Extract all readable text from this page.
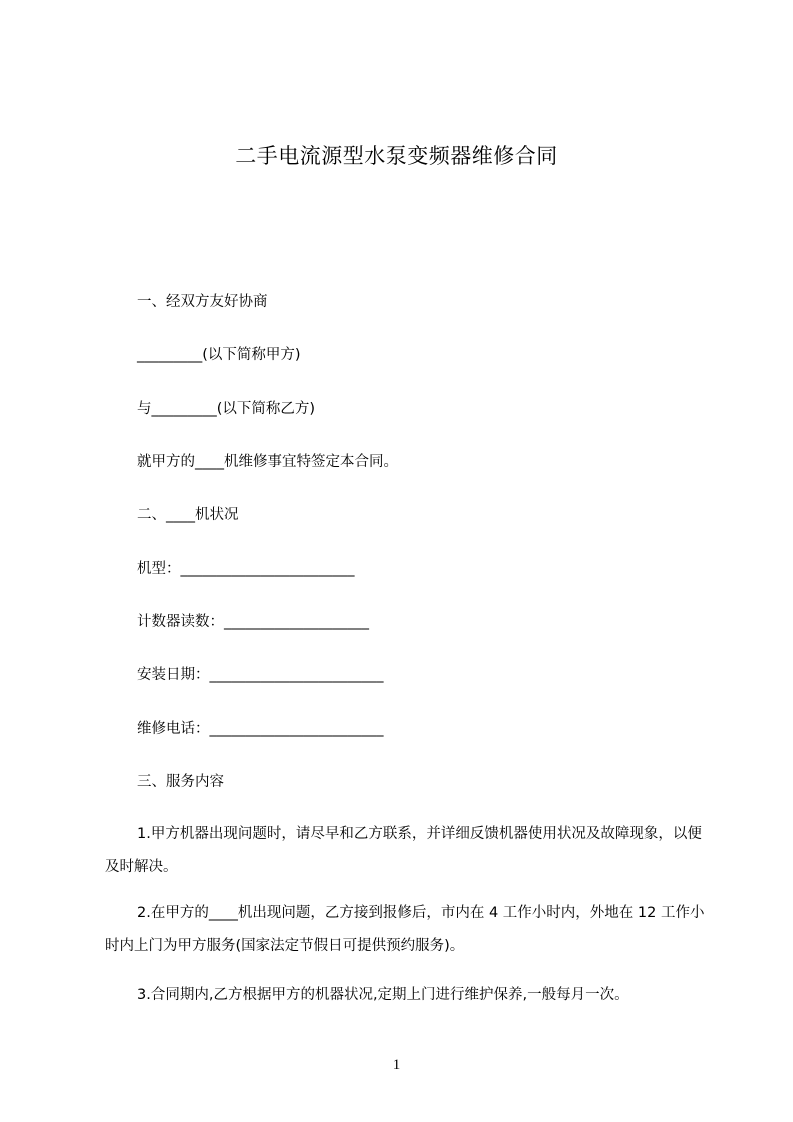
二手电流源型水泵变频器维修合同
一、经双方友好协商
_________(以下简称甲方)
与_________(以下简称乙方)
就甲方的____机维修事宜特签定本合同。
二、____机状况
机型：________________________
计数器读数：____________________
安装日期：________________________
维修电话：________________________
三、服务内容
1.甲方机器出现问题时，请尽早和乙方联系，并详细反馈机器使用状况及故障现象，以便及时解决。
2.在甲方的____机出现问题，乙方接到报修后，市内在 4 工作小时内，外地在 12 工作小时内上门为甲方服务(国家法定节假日可提供预约服务)。
3.合同期内,乙方根据甲方的机器状况,定期上门进行维护保养,一般每月一次。
1
